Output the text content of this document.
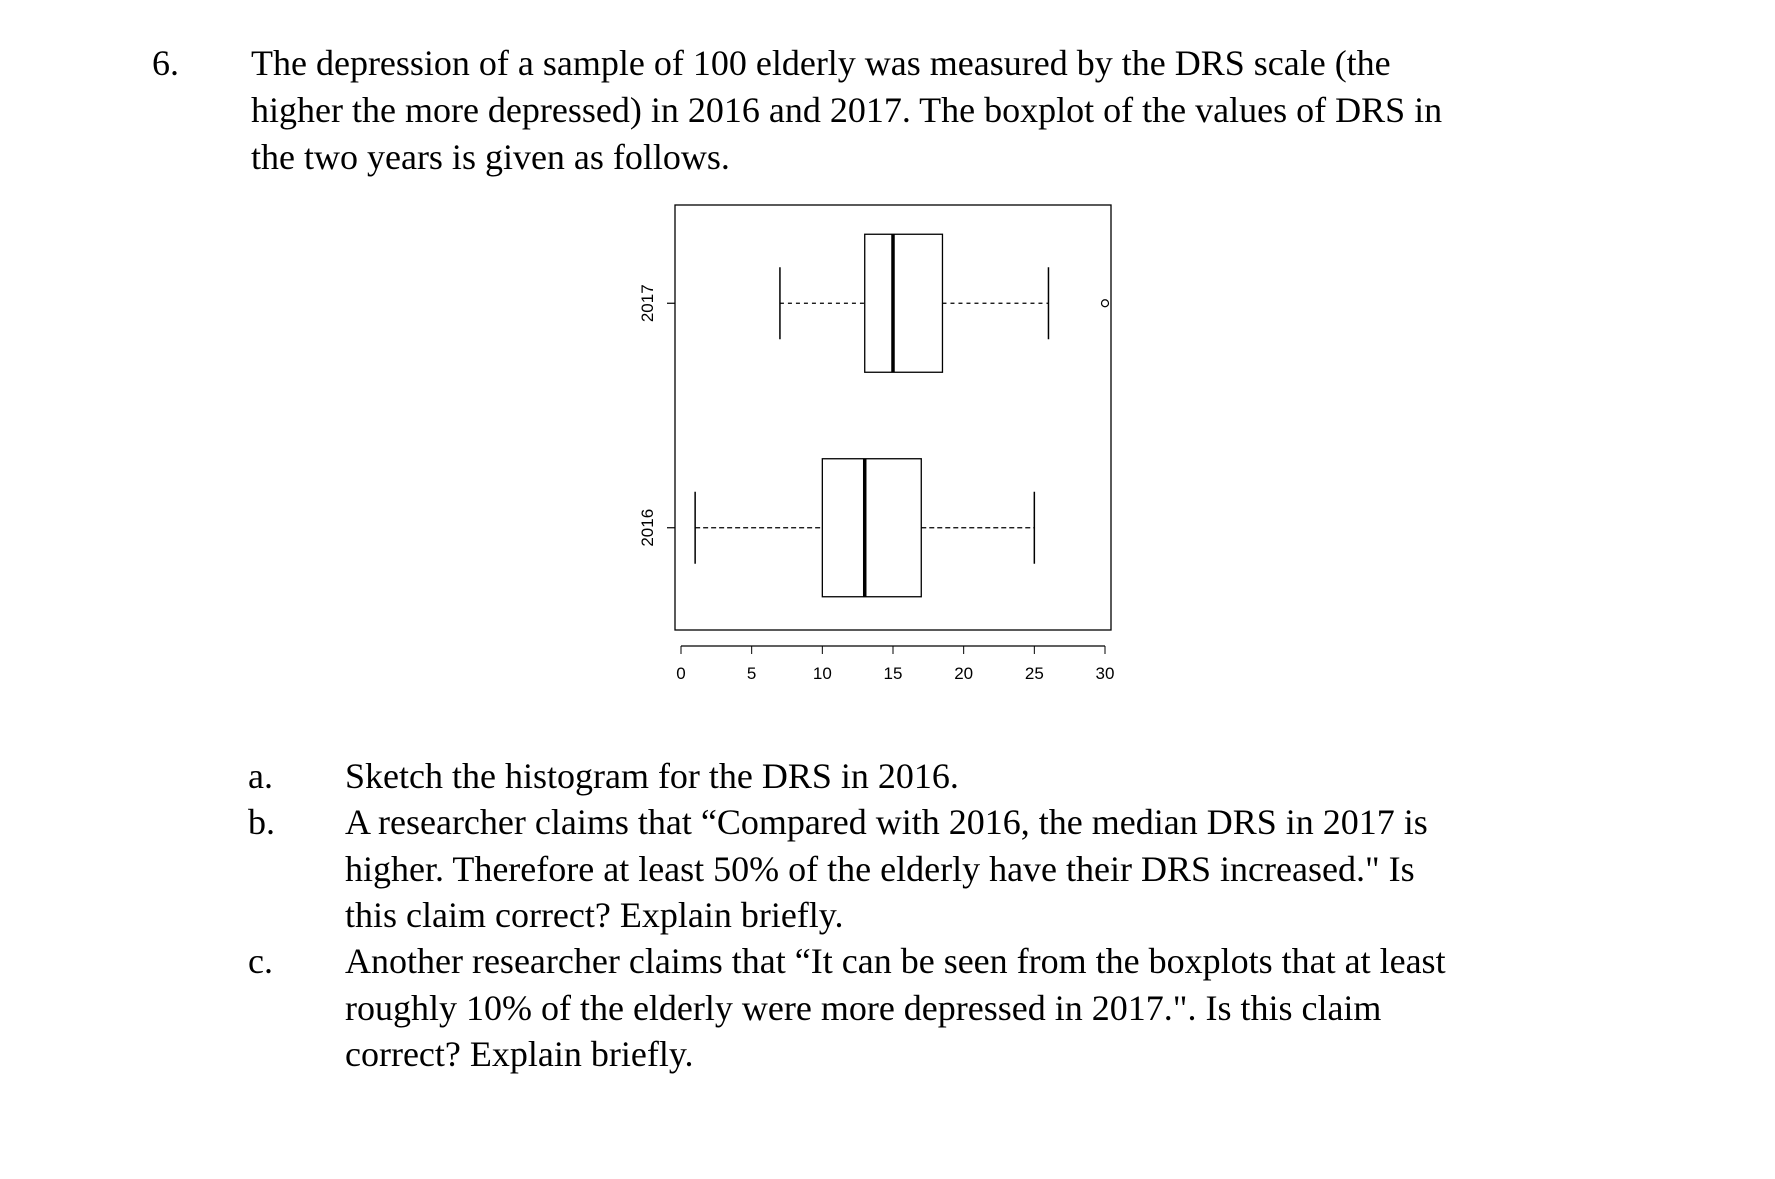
6. The depression of a sample of 100 elderly was measured by the DRS scale (the
higher the more depressed) in 2016 and 2017. The boxplot of the values of DRS in
the two years is given as follows.
0	5	10	15	20	25	30
2016
2017
a. Sketch the histogram for the DRS in 2016.
b. A researcher claims that “Compared with 2016, the median DRS in 2017 is
higher. Therefore at least 50% of the elderly have their DRS increased." Is
this claim correct? Explain briefly.
c. Another researcher claims that “It can be seen from the boxplots that at least
roughly 10% of the elderly were more depressed in 2017.". Is this claim
correct? Explain briefly.
